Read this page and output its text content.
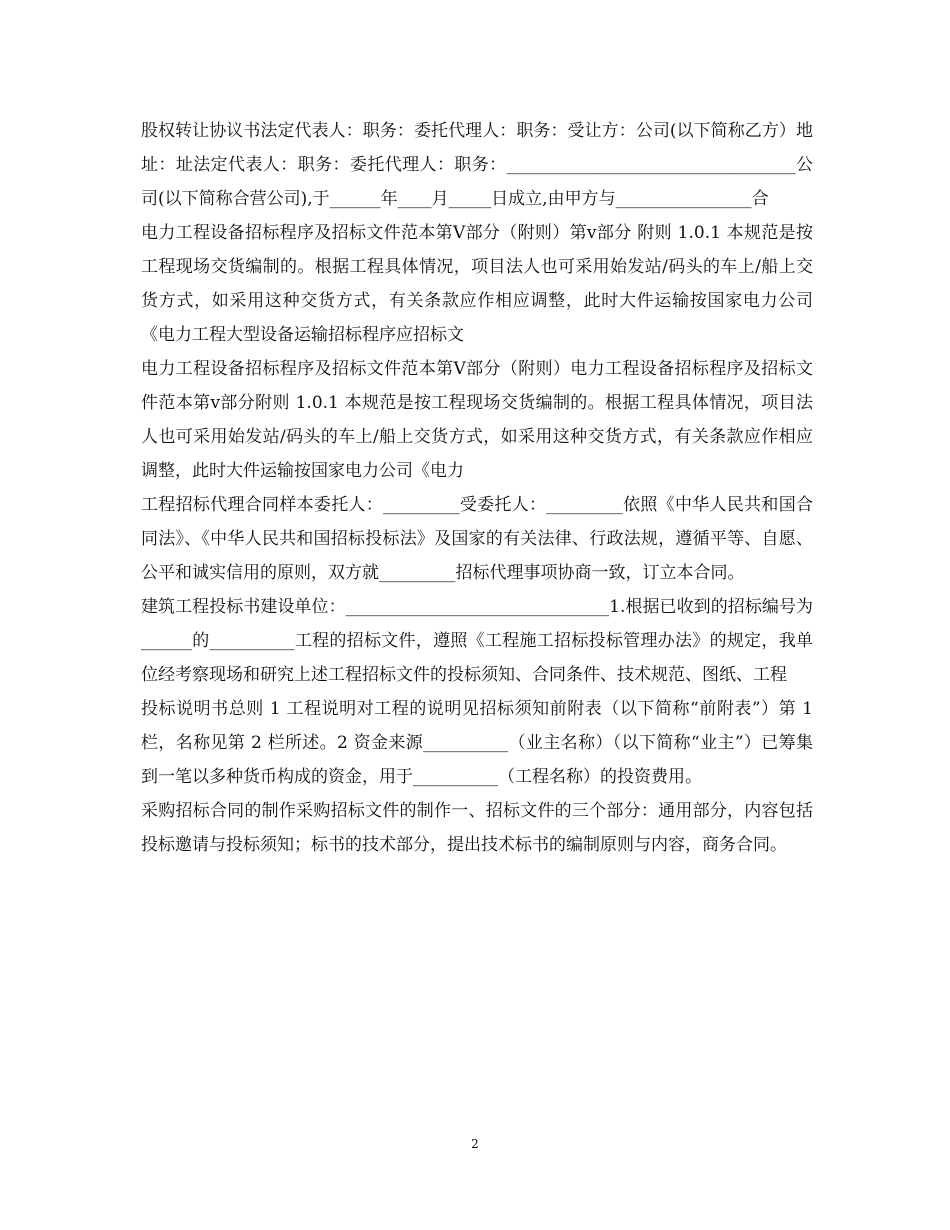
股权转让协议书法定代表人：职务：委托代理人：职务：受让方：公司(以下简称乙方）地址：址法定代表人：职务：委托代理人：职务：__________________________________公司(以下简称合营公司),于______年____月_____日成立,由甲方与________________合

电力工程设备招标程序及招标文件范本第V部分（附则）第v部分 附则 1.0.1 本规范是按工程现场交货编制的。根据工程具体情况，项目法人也可采用始发站/码头的车上/船上交货方式，如采用这种交货方式，有关条款应作相应调整，此时大件运输按国家电力公司《电力工程大型设备运输招标程序应招标文

电力工程设备招标程序及招标文件范本第V部分（附则）电力工程设备招标程序及招标文件范本第v部分附则 1.0.1 本规范是按工程现场交货编制的。根据工程具体情况，项目法人也可采用始发站/码头的车上/船上交货方式，如采用这种交货方式，有关条款应作相应调整，此时大件运输按国家电力公司《电力

工程招标代理合同样本委托人：_________受委托人：_________依照《中华人民共和国合同法》、《中华人民共和国招标投标法》及国家的有关法律、行政法规，遵循平等、自愿、公平和诚实信用的原则，双方就_________招标代理事项协商一致，订立本合同。

建筑工程投标书建设单位：_______________________________1.根据已收到的招标编号为______的__________工程的招标文件，遵照《工程施工招标投标管理办法》的规定，我单位经考察现场和研究上述工程招标文件的投标须知、合同条件、技术规范、图纸、工程

投标说明书总则 1 工程说明对工程的说明见招标须知前附表（以下简称“前附表”）第 1 栏，名称见第 2 栏所述。2 资金来源__________（业主名称）（以下简称“业主”）已筹集到一笔以多种货币构成的资金，用于__________（工程名称）的投资费用。

采购招标合同的制作采购招标文件的制作一、招标文件的三个部分：通用部分，内容包括投标邀请与投标须知；标书的技术部分，提出技术标书的编制原则与内容，商务合同。

2
